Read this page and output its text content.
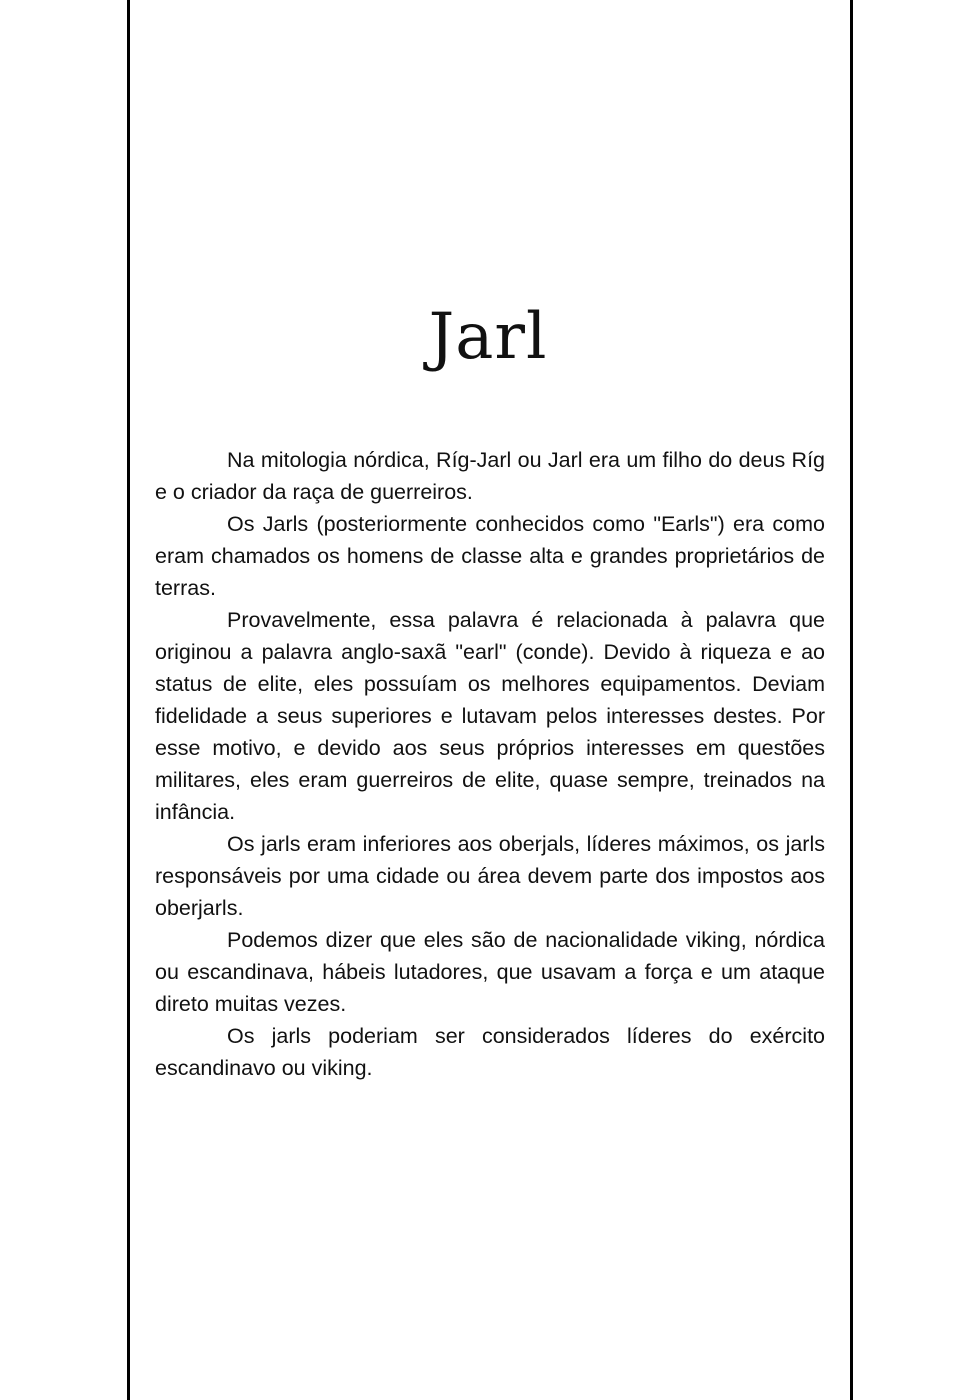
Jarl

Na mitologia nórdica, Ríg-Jarl ou Jarl era um filho do deus Ríg e o criador da raça de guerreiros.

Os Jarls (posteriormente conhecidos como "Earls") era como eram chamados os homens de classe alta e grandes proprietários de terras.

Provavelmente, essa palavra é relacionada à palavra que originou a palavra anglo-saxã "earl" (conde). Devido à riqueza e ao status de elite, eles possuíam os melhores equipamentos. Deviam fidelidade a seus superiores e lutavam pelos interesses destes. Por esse motivo, e devido aos seus próprios interesses em questões militares, eles eram guerreiros de elite, quase sempre, treinados na infância.

Os jarls eram inferiores aos oberjals, líderes máximos, os jarls responsáveis por uma cidade ou área devem parte dos impostos aos oberjarls.

Podemos dizer que eles são de nacionalidade viking, nórdica ou escandinava, hábeis lutadores, que usavam a força e um ataque direto muitas vezes.

Os jarls poderiam ser considerados líderes do exército escandinavo ou viking.
